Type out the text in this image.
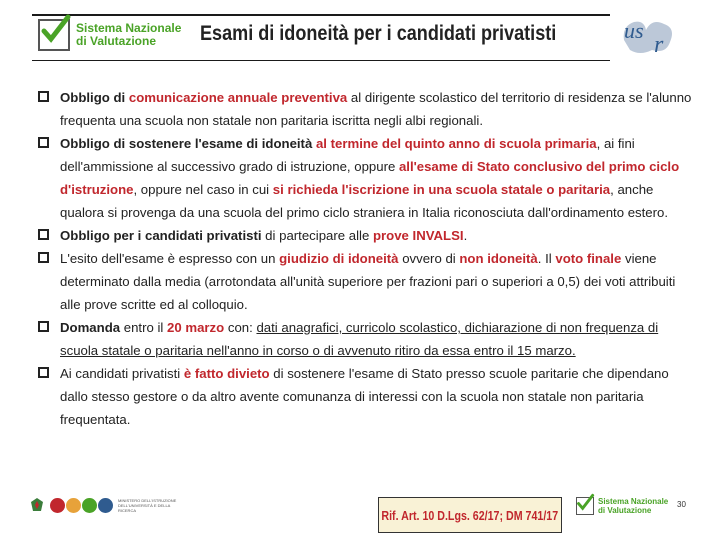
Sistema Nazionale
di Valutazione	Esami di idoneità per i candidati privatisti	us
r
Obbligo di comunicazione annuale preventiva al dirigente scolastico del territorio di residenza se l'alunno frequenta una scuola non statale non paritaria iscritta negli albi regionali.
Obbligo di sostenere l'esame di idoneità al termine del quinto anno di scuola primaria, ai fini dell'ammissione al successivo grado di istruzione, oppure all'esame di Stato conclusivo del primo ciclo d'istruzione, oppure nel caso in cui si richieda l'iscrizione in una scuola statale o paritaria, anche qualora si provenga da una scuola del primo ciclo straniera in Italia riconosciuta dall'ordinamento estero.
Obbligo per i candidati privatisti di partecipare alle prove INVALSI.
L'esito dell'esame è espresso con un giudizio di idoneità ovvero di non idoneità. Il voto finale viene determinato dalla media (arrotondata all'unità superiore per frazioni pari o superiori a 0,5) dei voti attribuiti alle prove scritte ed al colloquio.
Domanda entro il 20 marzo con: dati anagrafici, curricolo scolastico, dichiarazione di non frequenza di scuola statale o paritaria nell'anno in corso o di avvenuto ritiro da essa entro il 15 marzo.
Ai candidati privatisti è fatto divieto di sostenere l'esame di Stato presso scuole paritarie che dipendano dallo stesso gestore o da altro avente comunanza di interessi con la scuola non statale non paritaria frequentata.
MINISTERO DELL'ISTRUZIONE DELL'UNIVERSITÀ E DELLA RICERCA	Rif. Art. 10 D.Lgs. 62/17; DM 741/17
Sistema Nazionale
di Valutazione
30
